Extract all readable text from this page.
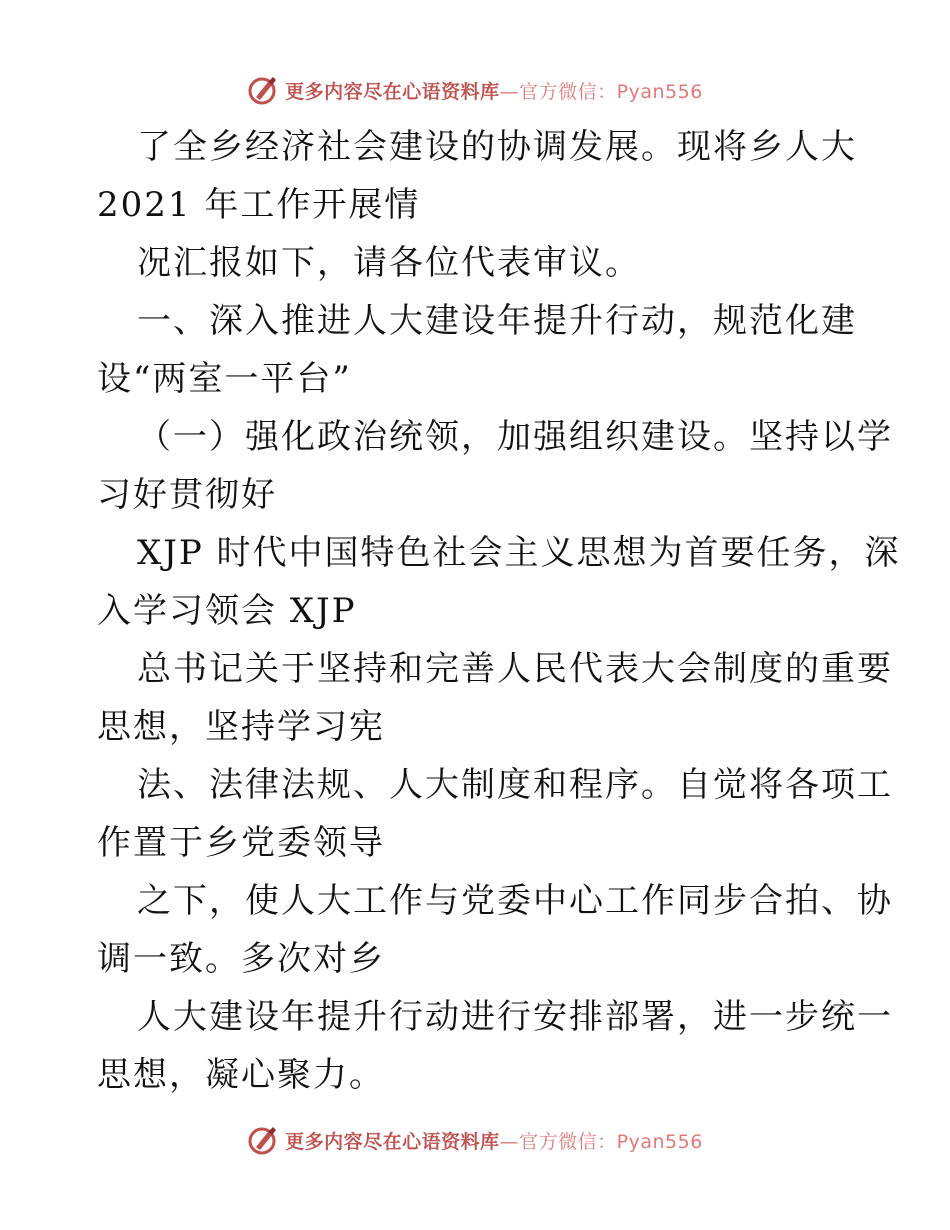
更多内容尽在心语资料库—官方微信：Pyan556
了全乡经济社会建设的协调发展。现将乡人大
2021 年工作开展情
况汇报如下，请各位代表审议。
一、深入推进人大建设年提升行动，规范化建
设“两室一平台”
（一）强化政治统领，加强组织建设。坚持以学
习好贯彻好
XJP 时代中国特色社会主义思想为首要任务，深
入学习领会 XJP
总书记关于坚持和完善人民代表大会制度的重要
思想，坚持学习宪
法、法律法规、人大制度和程序。自觉将各项工
作置于乡党委领导
之下，使人大工作与党委中心工作同步合拍、协
调一致。多次对乡
人大建设年提升行动进行安排部署，进一步统一
思想，凝心聚力。
更多内容尽在心语资料库—官方微信：Pyan556
